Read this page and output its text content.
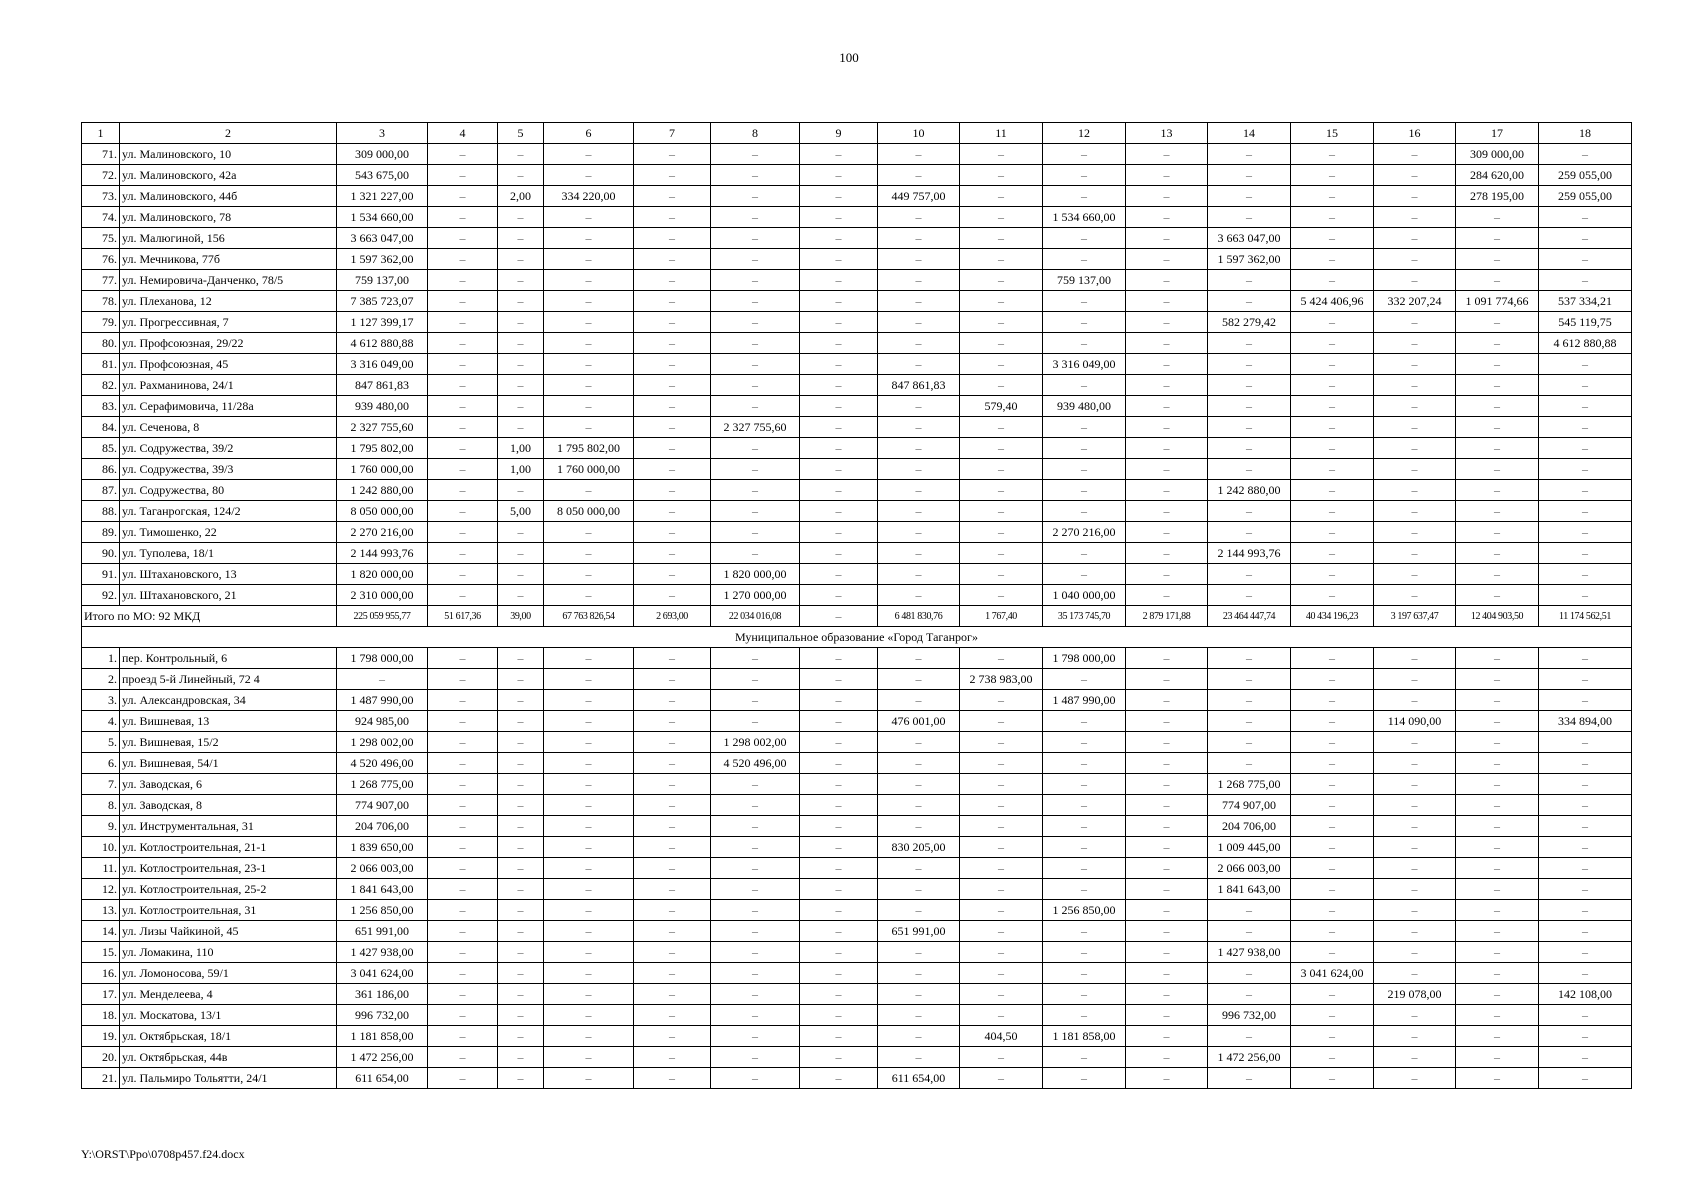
100
1	2	3	4	5	6	7	8	9	10	11	12	13	14	15	16	17	18
71.	ул. Малиновского, 10	309 000,00	–	–	–	–	–	–	–	–	–	–	–	–	–	309 000,00	–
72.	ул. Малиновского, 42а	543 675,00	–	–	–	–	–	–	–	–	–	–	–	–	–	284 620,00	259 055,00
73.	ул. Малиновского, 44б	1 321 227,00	–	2,00	334 220,00	–	–	–	449 757,00	–	–	–	–	–	–	278 195,00	259 055,00
74.	ул. Малиновского, 78	1 534 660,00	–	–	–	–	–	–	–	–	1 534 660,00	–	–	–	–	–	–
75.	ул. Малюгиной, 156	3 663 047,00	–	–	–	–	–	–	–	–	–	–	3 663 047,00	–	–	–	–
76.	ул. Мечникова, 77б	1 597 362,00	–	–	–	–	–	–	–	–	–	–	1 597 362,00	–	–	–	–
77.	ул. Немировича-Данченко, 78/5	759 137,00	–	–	–	–	–	–	–	–	759 137,00	–	–	–	–	–	–
78.	ул. Плеханова, 12	7 385 723,07	–	–	–	–	–	–	–	–	–	–	–	5 424 406,96	332 207,24	1 091 774,66	537 334,21
79.	ул. Прогрессивная, 7	1 127 399,17	–	–	–	–	–	–	–	–	–	–	582 279,42	–	–	–	545 119,75
80.	ул. Профсоюзная, 29/22	4 612 880,88	–	–	–	–	–	–	–	–	–	–	–	–	–	–	4 612 880,88
81.	ул. Профсоюзная, 45	3 316 049,00	–	–	–	–	–	–	–	–	3 316 049,00	–	–	–	–	–	–
82.	ул. Рахманинова, 24/1	847 861,83	–	–	–	–	–	–	847 861,83	–	–	–	–	–	–	–	–
83.	ул. Серафимовича, 11/28а	939 480,00	–	–	–	–	–	–	–	579,40	939 480,00	–	–	–	–	–	–
84.	ул. Сеченова, 8	2 327 755,60	–	–	–	–	2 327 755,60	–	–	–	–	–	–	–	–	–	–
85.	ул. Содружества, 39/2	1 795 802,00	–	1,00	1 795 802,00	–	–	–	–	–	–	–	–	–	–	–	–
86.	ул. Содружества, 39/3	1 760 000,00	–	1,00	1 760 000,00	–	–	–	–	–	–	–	–	–	–	–	–
87.	ул. Содружества, 80	1 242 880,00	–	–	–	–	–	–	–	–	–	–	1 242 880,00	–	–	–	–
88.	ул. Таганрогская, 124/2	8 050 000,00	–	5,00	8 050 000,00	–	–	–	–	–	–	–	–	–	–	–	–
89.	ул. Тимошенко, 22	2 270 216,00	–	–	–	–	–	–	–	–	2 270 216,00	–	–	–	–	–	–
90.	ул. Туполева, 18/1	2 144 993,76	–	–	–	–	–	–	–	–	–	–	2 144 993,76	–	–	–	–
91.	ул. Штахановского, 13	1 820 000,00	–	–	–	–	1 820 000,00	–	–	–	–	–	–	–	–	–	–
92.	ул. Штахановского, 21	2 310 000,00	–	–	–	–	1 270 000,00	–	–	–	1 040 000,00	–	–	–	–	–	–
Итого по МО: 92 МКД		225 059 955,77	51 617,36	39,00	67 763 826,54	2 693,00	22 034 016,08	–	6 481 830,76	1 767,40	35 173 745,70	2 879 171,88	23 464 447,74	40 434 196,23	3 197 637,47	12 404 903,50	11 174 562,51
Муниципальное образование «Город Таганрог»																	
1.	пер. Контрольный, 6	1 798 000,00	–	–	–	–	–	–	–	–	1 798 000,00	–	–	–	–	–	–
2.	проезд 5-й Линейный, 72 4	–	–	–	–	–	–	–	–	2 738 983,00	–	–	–	–	–	–	–
3.	ул. Александровская, 34	1 487 990,00	–	–	–	–	–	–	–	–	1 487 990,00	–	–	–	–	–	–
4.	ул. Вишневая, 13	924 985,00	–	–	–	–	–	–	476 001,00	–	–	–	–	–	114 090,00	–	334 894,00
5.	ул. Вишневая, 15/2	1 298 002,00	–	–	–	–	1 298 002,00	–	–	–	–	–	–	–	–	–	–
6.	ул. Вишневая, 54/1	4 520 496,00	–	–	–	–	4 520 496,00	–	–	–	–	–	–	–	–	–	–
7.	ул. Заводская, 6	1 268 775,00	–	–	–	–	–	–	–	–	–	–	1 268 775,00	–	–	–	–
8.	ул. Заводская, 8	774 907,00	–	–	–	–	–	–	–	–	–	–	774 907,00	–	–	–	–
9.	ул. Инструментальная, 31	204 706,00	–	–	–	–	–	–	–	–	–	–	204 706,00	–	–	–	–
10.	ул. Котлостроительная, 21-1	1 839 650,00	–	–	–	–	–	–	830 205,00	–	–	–	1 009 445,00	–	–	–	–
11.	ул. Котлостроительная, 23-1	2 066 003,00	–	–	–	–	–	–	–	–	–	–	2 066 003,00	–	–	–	–
12.	ул. Котлостроительная, 25-2	1 841 643,00	–	–	–	–	–	–	–	–	–	–	1 841 643,00	–	–	–	–
13.	ул. Котлостроительная, 31	1 256 850,00	–	–	–	–	–	–	–	–	1 256 850,00	–	–	–	–	–	–
14.	ул. Лизы Чайкиной, 45	651 991,00	–	–	–	–	–	–	651 991,00	–	–	–	–	–	–	–	–
15.	ул. Ломакина, 110	1 427 938,00	–	–	–	–	–	–	–	–	–	–	1 427 938,00	–	–	–	–
16.	ул. Ломоносова, 59/1	3 041 624,00	–	–	–	–	–	–	–	–	–	–	–	3 041 624,00	–	–	–
17.	ул. Менделеева, 4	361 186,00	–	–	–	–	–	–	–	–	–	–	–	–	219 078,00	–	142 108,00
18.	ул. Москатова, 13/1	996 732,00	–	–	–	–	–	–	–	–	–	–	996 732,00	–	–	–	–
19.	ул. Октябрьская, 18/1	1 181 858,00	–	–	–	–	–	–	–	404,50	1 181 858,00	–	–	–	–	–	–
20.	ул. Октябрьская, 44в	1 472 256,00	–	–	–	–	–	–	–	–	–	–	1 472 256,00	–	–	–	–
21.	ул. Пальмиро Тольятти, 24/1	611 654,00	–	–	–	–	–	–	611 654,00	–	–	–	–	–	–	–	–
Y:\ORST\Ppo\0708p457.f24.docx
